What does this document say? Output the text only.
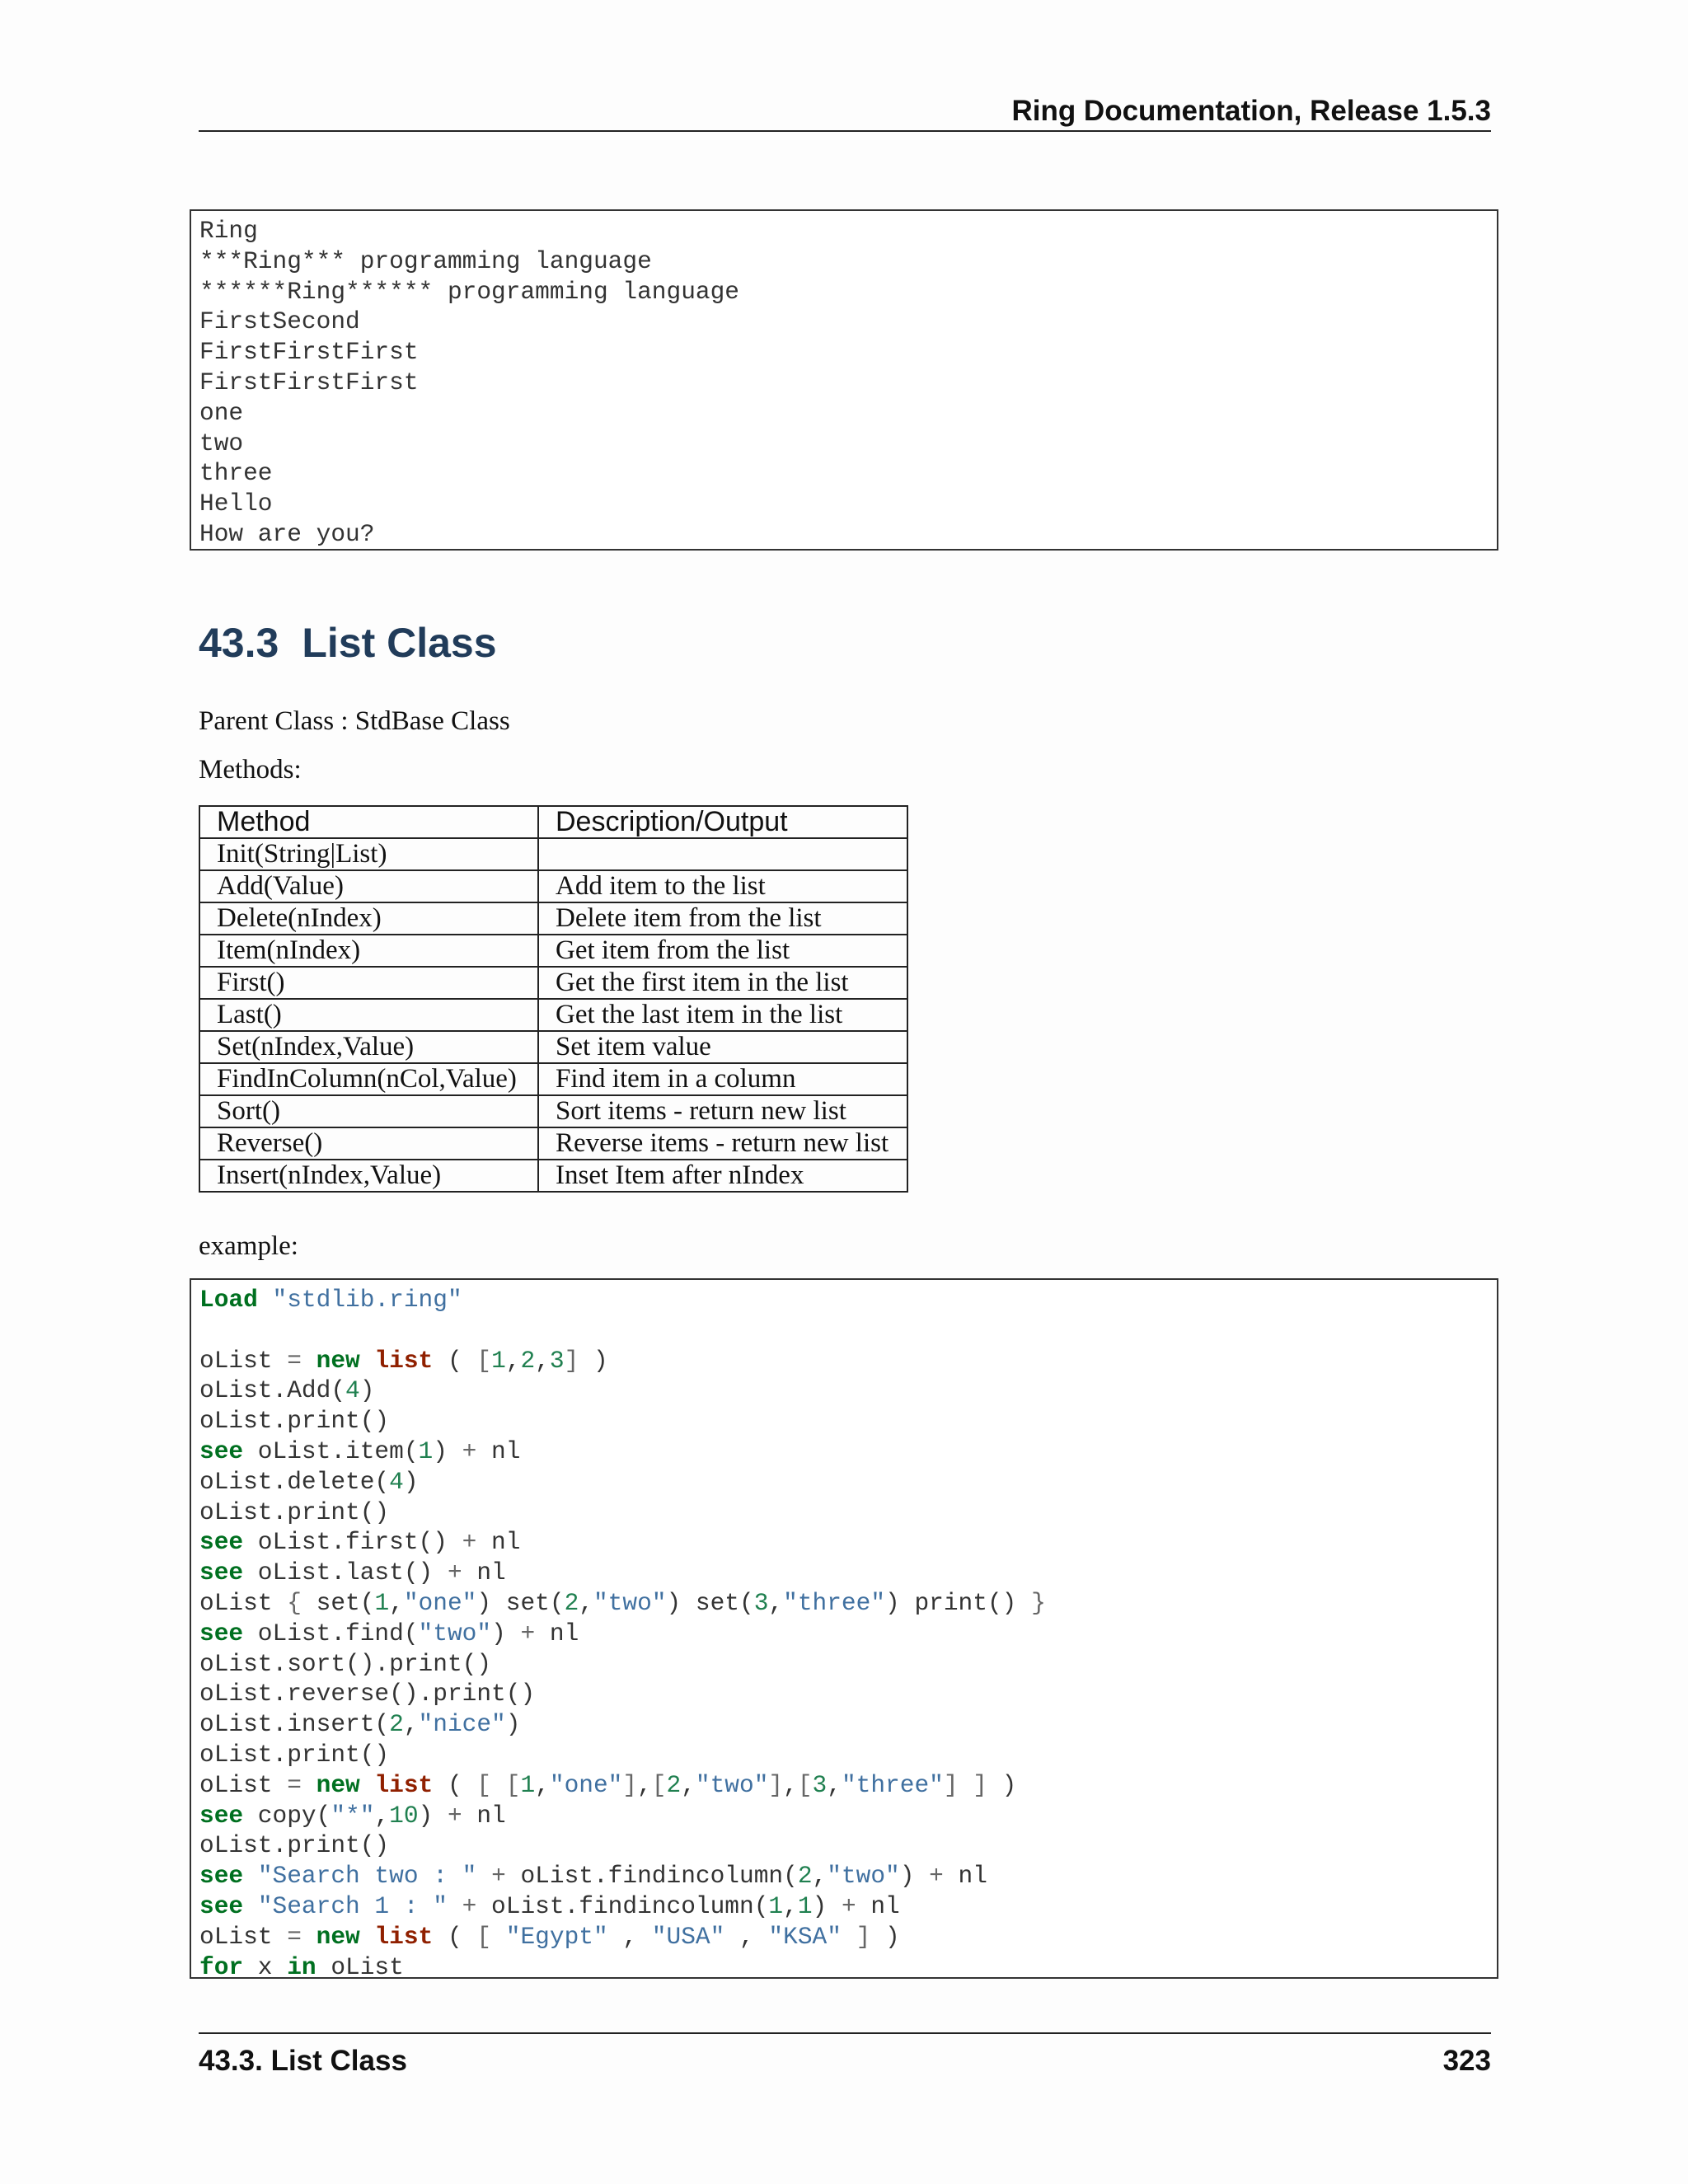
Ring Documentation, Release 1.5.3
Ring
***Ring*** programming language
******Ring****** programming language
FirstSecond
FirstFirstFirst
FirstFirstFirst
one
two
three
Hello
How are you?
43.3 List Class

Parent Class : StdBase Class

Methods:

Method	Description/Output
Init(String|List)	
Add(Value)	Add item to the list
Delete(nIndex)	Delete item from the list
Item(nIndex)	Get item from the list
First()	Get the first item in the list
Last()	Get the last item in the list
Set(nIndex,Value)	Set item value
FindInColumn(nCol,Value)	Find item in a column
Sort()	Sort items - return new list
Reverse()	Reverse items - return new list
Insert(nIndex,Value)	Inset Item after nIndex

example:

Load "stdlib.ring"

oList = new list ( [1,2,3] )
oList.Add(4)
oList.print()
see oList.item(1) + nl
oList.delete(4)
oList.print()
see oList.first() + nl
see oList.last() + nl
oList { set(1,"one") set(2,"two") set(3,"three") print() }
see oList.find("two") + nl
oList.sort().print()
oList.reverse().print()
oList.insert(2,"nice")
oList.print()
oList = new list ( [ [1,"one"],[2,"two"],[3,"three"] ] )
see copy("*",10) + nl
oList.print()
see "Search two : " + oList.findincolumn(2,"two") + nl
see "Search 1 : " + oList.findincolumn(1,1) + nl
oList = new list ( [ "Egypt" , "USA" , "KSA" ] )
for x in oList
43.3. List Class	323
